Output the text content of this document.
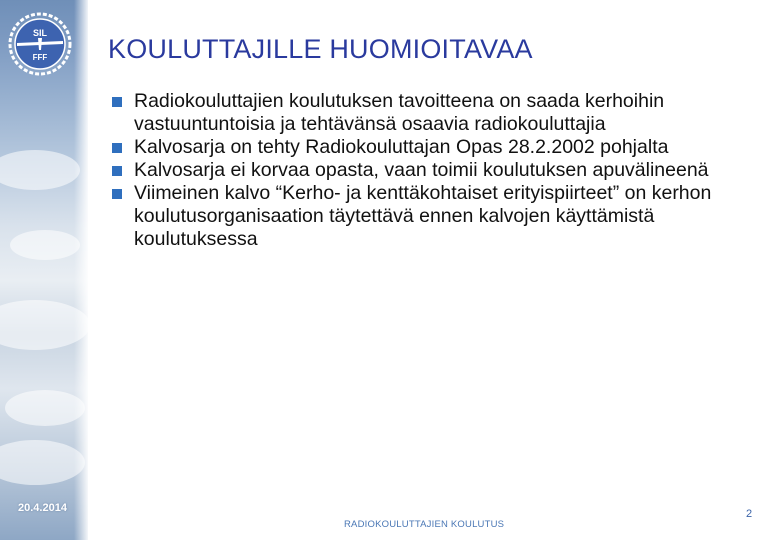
SIL
FFF
20.4.2014
KOULUTTAJILLE HUOMIOITAVAA
Radiokouluttajien koulutuksen tavoitteena on saada kerhoihin vastuuntuntoisia ja tehtävänsä osaavia radiokouluttajia
Kalvosarja on tehty Radiokouluttajan Opas 28.2.2002 pohjalta
Kalvosarja ei korvaa opasta, vaan toimii koulutuksen apuvälineenä
Viimeinen kalvo “Kerho- ja kenttäkohtaiset erityispiirteet” on kerhon koulutusorganisaation täytettävä ennen kalvojen käyttämistä koulutuksessa
RADIOKOULUTTAJIEN KOULUTUS
2
